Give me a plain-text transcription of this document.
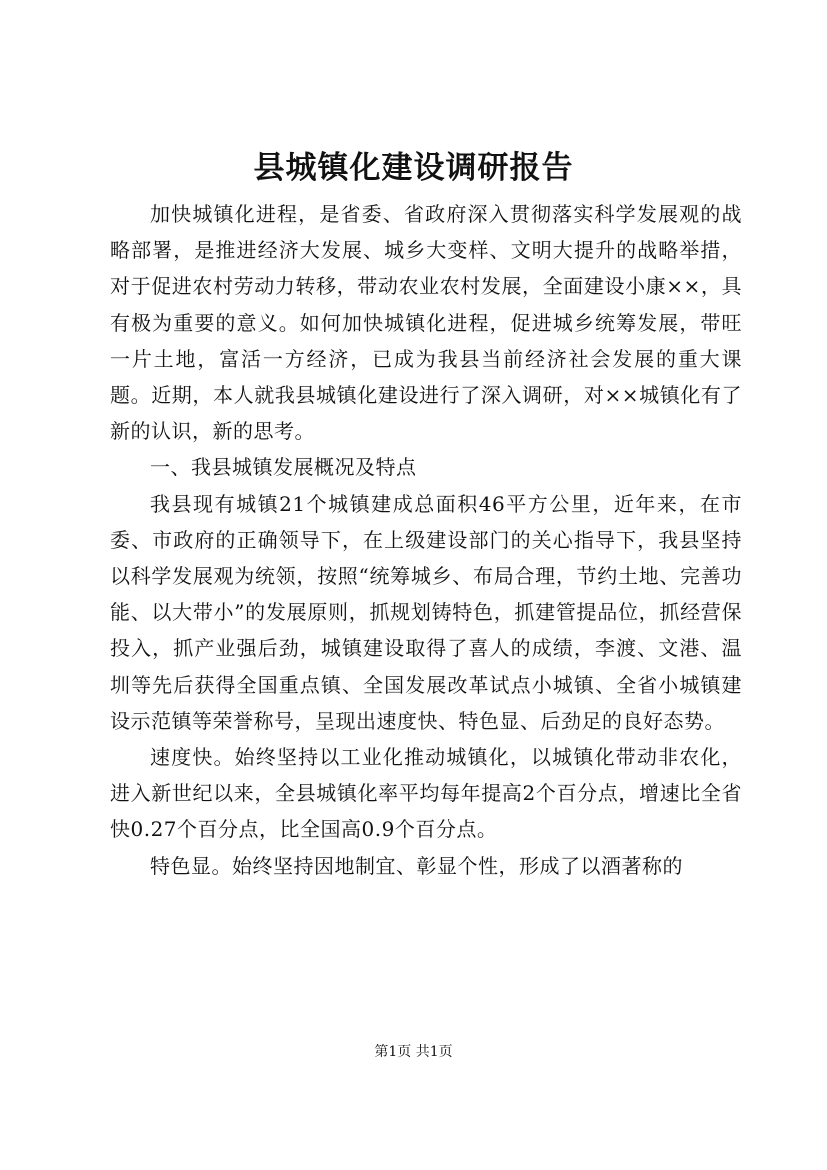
县城镇化建设调研报告

加快城镇化进程，是省委、省政府深入贯彻落实科学发展观的战略部署，是推进经济大发展、城乡大变样、文明大提升的战略举措，对于促进农村劳动力转移，带动农业农村发展，全面建设小康××，具有极为重要的意义。如何加快城镇化进程，促进城乡统筹发展，带旺一片土地，富活一方经济，已成为我县当前经济社会发展的重大课题。近期，本人就我县城镇化建设进行了深入调研，对××城镇化有了新的认识，新的思考。

一、我县城镇发展概况及特点

我县现有城镇21个城镇建成总面积46平方公里，近年来，在市委、市政府的正确领导下，在上级建设部门的关心指导下，我县坚持以科学发展观为统领，按照“统筹城乡、布局合理，节约土地、完善功能、以大带小”的发展原则，抓规划铸特色，抓建管提品位，抓经营保投入，抓产业强后劲，城镇建设取得了喜人的成绩，李渡、文港、温圳等先后获得全国重点镇、全国发展改革试点小城镇、全省小城镇建设示范镇等荣誉称号，呈现出速度快、特色显、后劲足的良好态势。

速度快。始终坚持以工业化推动城镇化，以城镇化带动非农化，进入新世纪以来，全县城镇化率平均每年提高2个百分点，增速比全省快0.27个百分点，比全国高0.9个百分点。

特色显。始终坚持因地制宜、彰显个性，形成了以酒著称的

第1页 共1页
